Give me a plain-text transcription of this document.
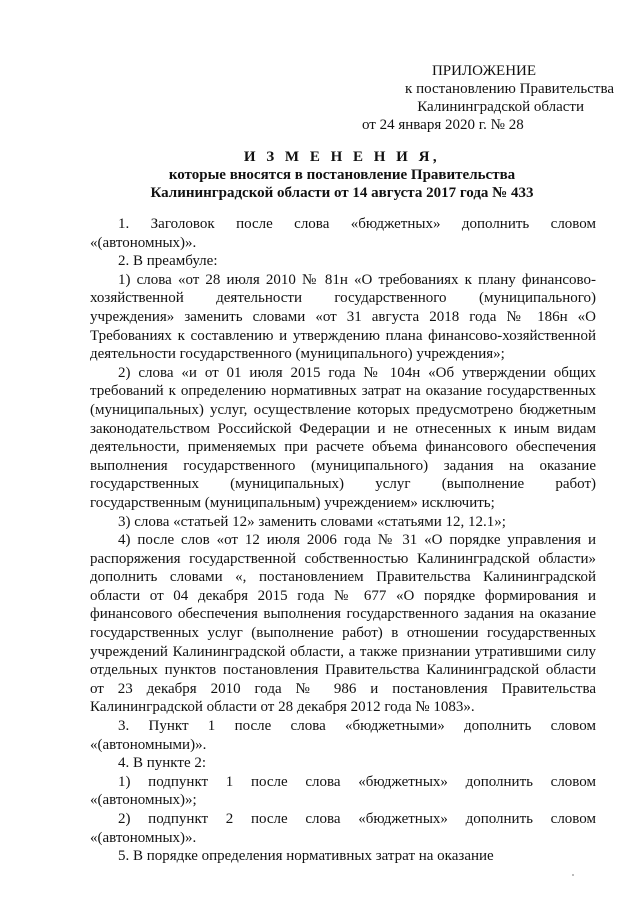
ПРИЛОЖЕНИЕ
к постановлению Правительства
Калининградской области
от 24 января 2020 г. № 28
И З М Е Н Е Н И Я,
которые вносятся в постановление Правительства
Калининградской области от 14 августа 2017 года № 433

1. Заголовок после слова «бюджетных» дополнить словом «(автономных)».

2. В преамбуле:

1) слова «от 28 июля 2010 № 81н «О требованиях к плану финансово-хозяйственной деятельности государственного (муниципального) учреждения» заменить словами «от 31 августа 2018 года № 186н «О Требованиях к составлению и утверждению плана финансово-хозяйственной деятельности государственного (муниципального) учреждения»;

2) слова «и от 01 июля 2015 года № 104н «Об утверждении общих требований к определению нормативных затрат на оказание государственных (муниципальных) услуг, осуществление которых предусмотрено бюджетным законодательством Российской Федерации и не отнесенных к иным видам деятельности, применяемых при расчете объема финансового обеспечения выполнения государственного (муниципального) задания на оказание государственных (муниципальных) услуг (выполнение работ) государственным (муниципальным) учреждением» исключить;

3) слова «статьей 12» заменить словами «статьями 12, 12.1»;

4) после слов «от 12 июля 2006 года № 31 «О порядке управления и распоряжения государственной собственностью Калининградской области» дополнить словами «, постановлением Правительства Калининградской области от 04 декабря 2015 года № 677 «О порядке формирования и финансового обеспечения выполнения государственного задания на оказание государственных услуг (выполнение работ) в отношении государственных учреждений Калининградской области, а также признании утратившими силу отдельных пунктов постановления Правительства Калининградской области от 23 декабря 2010 года № 986 и постановления Правительства Калининградской области от 28 декабря 2012 года № 1083».

3. Пункт 1 после слова «бюджетными» дополнить словом «(автономными)».

4. В пункте 2:

1) подпункт 1 после слова «бюджетных» дополнить словом «(автономных)»;

2) подпункт 2 после слова «бюджетных» дополнить словом «(автономных)».

5. В порядке определения нормативных затрат на оказание
